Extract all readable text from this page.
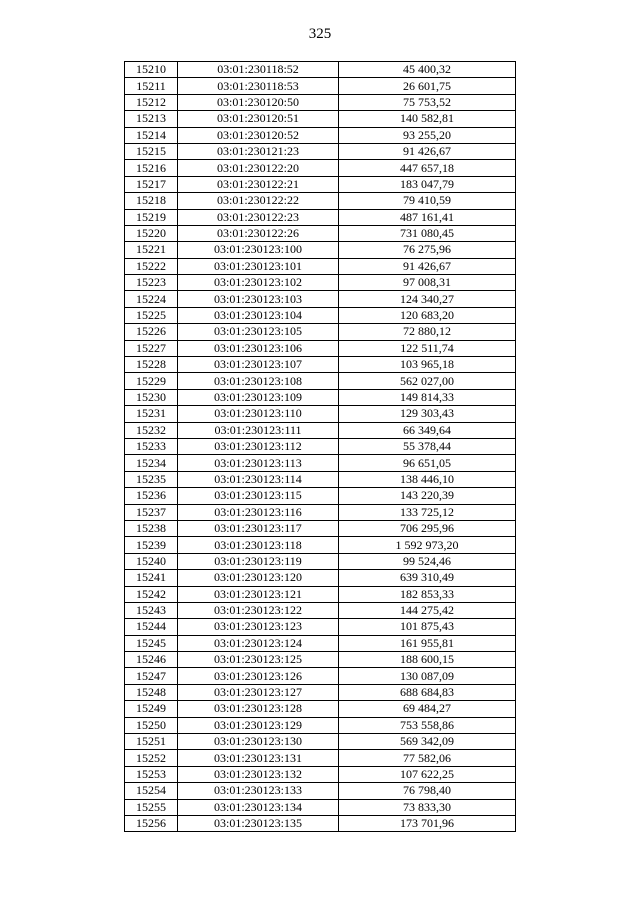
325
15210	03:01:230118:52	45 400,32
15211	03:01:230118:53	26 601,75
15212	03:01:230120:50	75 753,52
15213	03:01:230120:51	140 582,81
15214	03:01:230120:52	93 255,20
15215	03:01:230121:23	91 426,67
15216	03:01:230122:20	447 657,18
15217	03:01:230122:21	183 047,79
15218	03:01:230122:22	79 410,59
15219	03:01:230122:23	487 161,41
15220	03:01:230122:26	731 080,45
15221	03:01:230123:100	76 275,96
15222	03:01:230123:101	91 426,67
15223	03:01:230123:102	97 008,31
15224	03:01:230123:103	124 340,27
15225	03:01:230123:104	120 683,20
15226	03:01:230123:105	72 880,12
15227	03:01:230123:106	122 511,74
15228	03:01:230123:107	103 965,18
15229	03:01:230123:108	562 027,00
15230	03:01:230123:109	149 814,33
15231	03:01:230123:110	129 303,43
15232	03:01:230123:111	66 349,64
15233	03:01:230123:112	55 378,44
15234	03:01:230123:113	96 651,05
15235	03:01:230123:114	138 446,10
15236	03:01:230123:115	143 220,39
15237	03:01:230123:116	133 725,12
15238	03:01:230123:117	706 295,96
15239	03:01:230123:118	1 592 973,20
15240	03:01:230123:119	99 524,46
15241	03:01:230123:120	639 310,49
15242	03:01:230123:121	182 853,33
15243	03:01:230123:122	144 275,42
15244	03:01:230123:123	101 875,43
15245	03:01:230123:124	161 955,81
15246	03:01:230123:125	188 600,15
15247	03:01:230123:126	130 087,09
15248	03:01:230123:127	688 684,83
15249	03:01:230123:128	69 484,27
15250	03:01:230123:129	753 558,86
15251	03:01:230123:130	569 342,09
15252	03:01:230123:131	77 582,06
15253	03:01:230123:132	107 622,25
15254	03:01:230123:133	76 798,40
15255	03:01:230123:134	73 833,30
15256	03:01:230123:135	173 701,96
